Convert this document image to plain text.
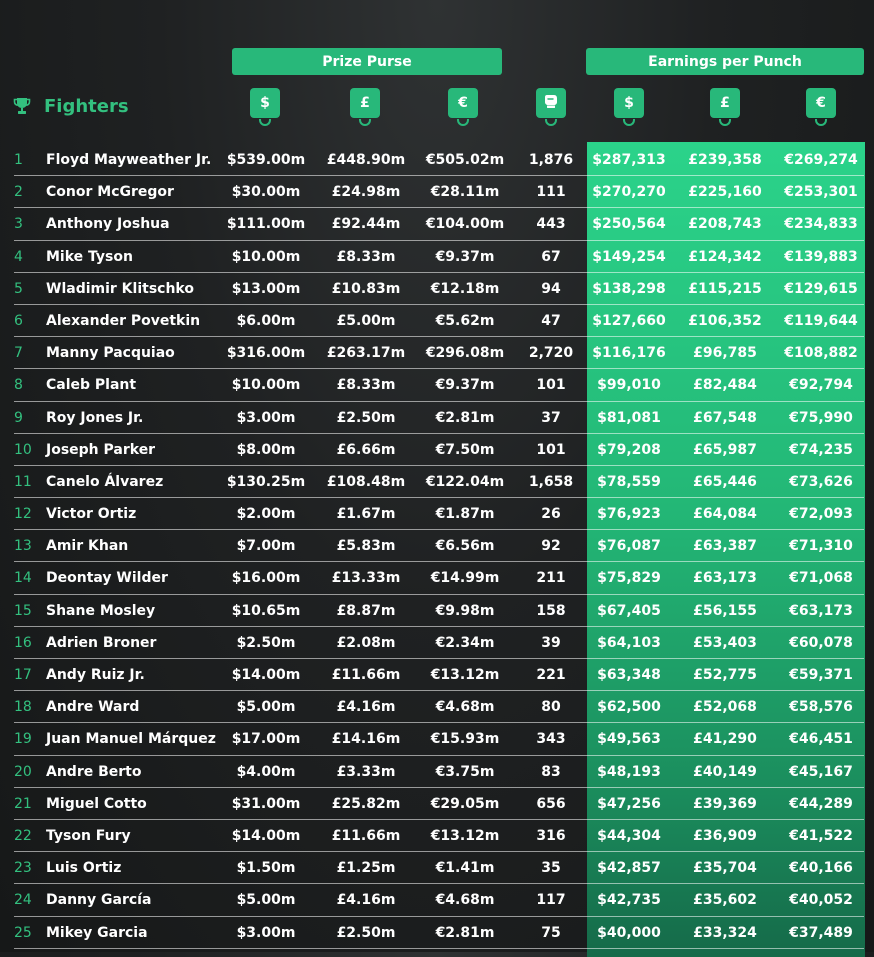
Prize Purse	Earnings per Punch
Fighters	$	£	€	$	£	€
1	Floyd Mayweather Jr.	$539.00m	£448.90m	€505.02m	1,876	$287,313	£239,358	€269,274
2	Conor McGregor	$30.00m	£24.98m	€28.11m	111	$270,270	£225,160	€253,301
3	Anthony Joshua	$111.00m	£92.44m	€104.00m	443	$250,564	£208,743	€234,833
4	Mike Tyson	$10.00m	£8.33m	€9.37m	67	$149,254	£124,342	€139,883
5	Wladimir Klitschko	$13.00m	£10.83m	€12.18m	94	$138,298	£115,215	€129,615
6	Alexander Povetkin	$6.00m	£5.00m	€5.62m	47	$127,660	£106,352	€119,644
7	Manny Pacquiao	$316.00m	£263.17m	€296.08m	2,720	$116,176	£96,785	€108,882
8	Caleb Plant	$10.00m	£8.33m	€9.37m	101	$99,010	£82,484	€92,794
9	Roy Jones Jr.	$3.00m	£2.50m	€2.81m	37	$81,081	£67,548	€75,990
10 Joseph Parker	$8.00m	£6.66m	€7.50m	101	$79,208	£65,987	€74,235
11 Canelo Álvarez	$130.25m	£108.48m	€122.04m	1,658	$78,559	£65,446	€73,626
12 Victor Ortiz	$2.00m	£1.67m	€1.87m	26	$76,923	£64,084	€72,093
13 Amir Khan	$7.00m	£5.83m	€6.56m	92	$76,087	£63,387	€71,310
14 Deontay Wilder	$16.00m	£13.33m	€14.99m	211	$75,829	£63,173	€71,068
15 Shane Mosley	$10.65m	£8.87m	€9.98m	158	$67,405	£56,155	€63,173
16 Adrien Broner	$2.50m	£2.08m	€2.34m	39	$64,103	£53,403	€60,078
17 Andy Ruiz Jr.	$14.00m	£11.66m	€13.12m	221	$63,348	£52,775	€59,371
18 Andre Ward	$5.00m	£4.16m	€4.68m	80	$62,500	£52,068	€58,576
19 Juan Manuel Márquez	$17.00m	£14.16m	€15.93m	343	$49,563	£41,290	€46,451
20 Andre Berto	$4.00m	£3.33m	€3.75m	83	$48,193	£40,149	€45,167
21 Miguel Cotto	$31.00m	£25.82m	€29.05m	656	$47,256	£39,369	€44,289
22 Tyson Fury	$14.00m	£11.66m	€13.12m	316	$44,304	£36,909	€41,522
23 Luis Ortiz	$1.50m	£1.25m	€1.41m	35	$42,857	£35,704	€40,166
24 Danny García	$5.00m	£4.16m	€4.68m	117	$42,735	£35,602	€40,052
25 Mikey Garcia	$3.00m	£2.50m	€2.81m	75	$40,000	£33,324	€37,489
